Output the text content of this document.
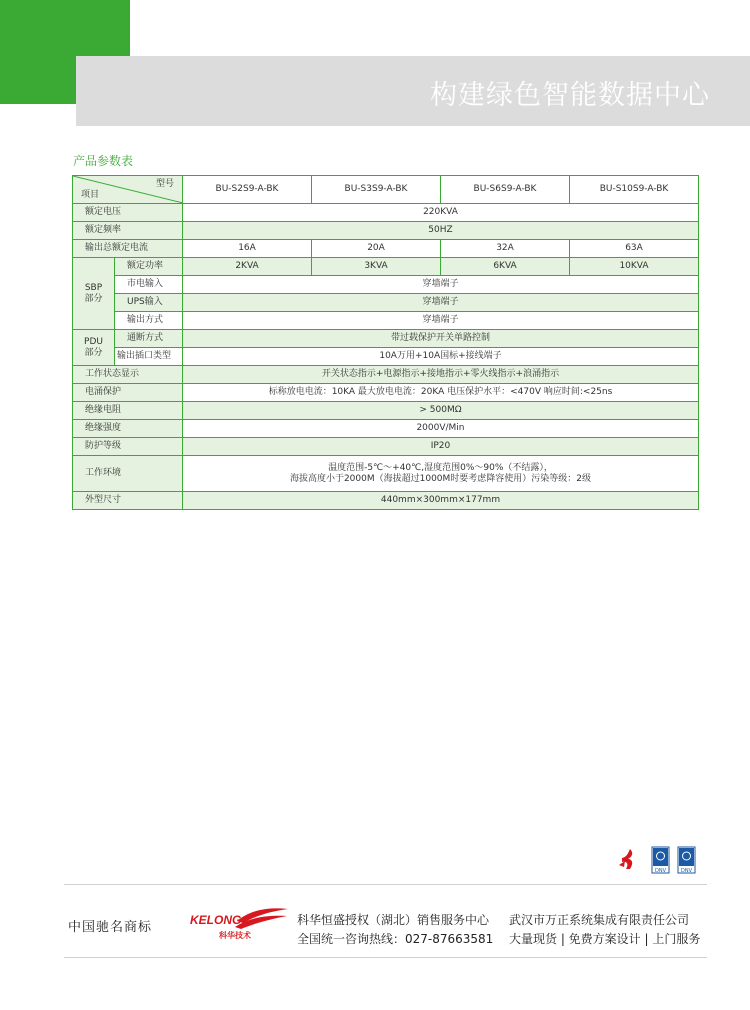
构建绿色智能数据中心
产品参数表
型号
项目		BU-S2S9-A-BK	BU-S3S9-A-BK	BU-S6S9-A-BK	BU-S10S9-A-BK
额定电压		220KVA			
额定频率		50HZ			
输出总额定电流		16A	20A	32A	63A
SBP
部分	额定功率	2KVA	3KVA	6KVA	10KVA
	市电输入	穿墙端子			
	UPS输入	穿墙端子			
	输出方式	穿墙端子			
PDU
部分	通断方式	带过载保护开关单路控制			
	输出插口类型	10A万用+10A国标+接线端子			
工作状态显示		开关状态指示+电源指示+接地指示+零火线指示+浪涌指示			
电涌保护		标称放电电流：10KA 最大放电电流：20KA 电压保护水平：<470V 响应时间:<25ns			
绝缘电阻		> 500MΩ			
绝缘强度		2000V/Min			
防护等级		IP20			
工作环境		温度范围-5℃～+40℃,湿度范围0%～90%（不结露），
海拔高度小于2000M（海拔超过1000M时要考虑降容使用）污染等级：2级			
外型尺寸		440mm×300mm×177mm			
DNV	DNV
中国驰名商标	KELONG
科华技术
科华恒盛授权（湖北）销售服务中心
全国统一咨询热线：027-87663581
武汉市万正系统集成有限责任公司
大量现货 | 免费方案设计 | 上门服务
